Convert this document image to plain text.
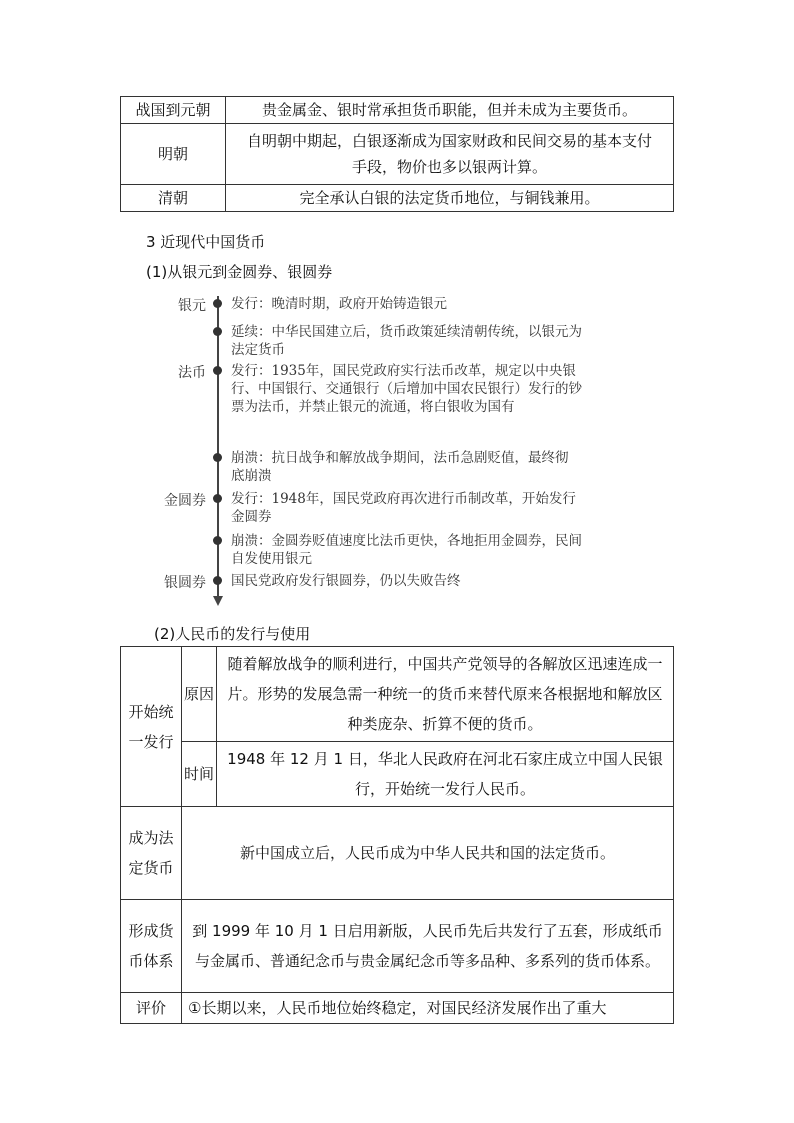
战国到元朝	贵金属金、银时常承担货币职能，但并未成为主要货币。
明朝	自明朝中期起，白银逐渐成为国家财政和民间交易的基本支付手段，物价也多以银两计算。
清朝	完全承认白银的法定货币地位，与铜钱兼用。
3 近现代中国货币
(1)从银元到金圆券、银圆券
银元
法币
金圆券
银圆券
发行：晚清时期，政府开始铸造银元
延续：中华民国建立后，货币政策延续清朝传统，以银元为法定货币
发行：1935年，国民党政府实行法币改革，规定以中央银行、中国银行、交通银行（后增加中国农民银行）发行的钞票为法币，并禁止银元的流通，将白银收为国有
崩溃：抗日战争和解放战争期间，法币急剧贬值，最终彻底崩溃
发行：1948年，国民党政府再次进行币制改革，开始发行金圆券
崩溃：金圆券贬值速度比法币更快，各地拒用金圆券，民间自发使用银元
国民党政府发行银圆券，仍以失败告终
(2)人民币的发行与使用
开始统一发行	原因	随着解放战争的顺利进行，中国共产党领导的各解放区迅速连成一片。形势的发展急需一种统一的货币来替代原来各根据地和解放区种类庞杂、折算不便的货币。
	时间	1948 年 12 月 1 日，华北人民政府在河北石家庄成立中国人民银行，开始统一发行人民币。
成为法定货币	新中国成立后，人民币成为中华人民共和国的法定货币。	
形成货币体系	到 1999 年 10 月 1 日启用新版，人民币先后共发行了五套，形成纸币与金属币、普通纪念币与贵金属纪念币等多品种、多系列的货币体系。	
评价	①长期以来，人民币地位始终稳定，对国民经济发展作出了重大	
